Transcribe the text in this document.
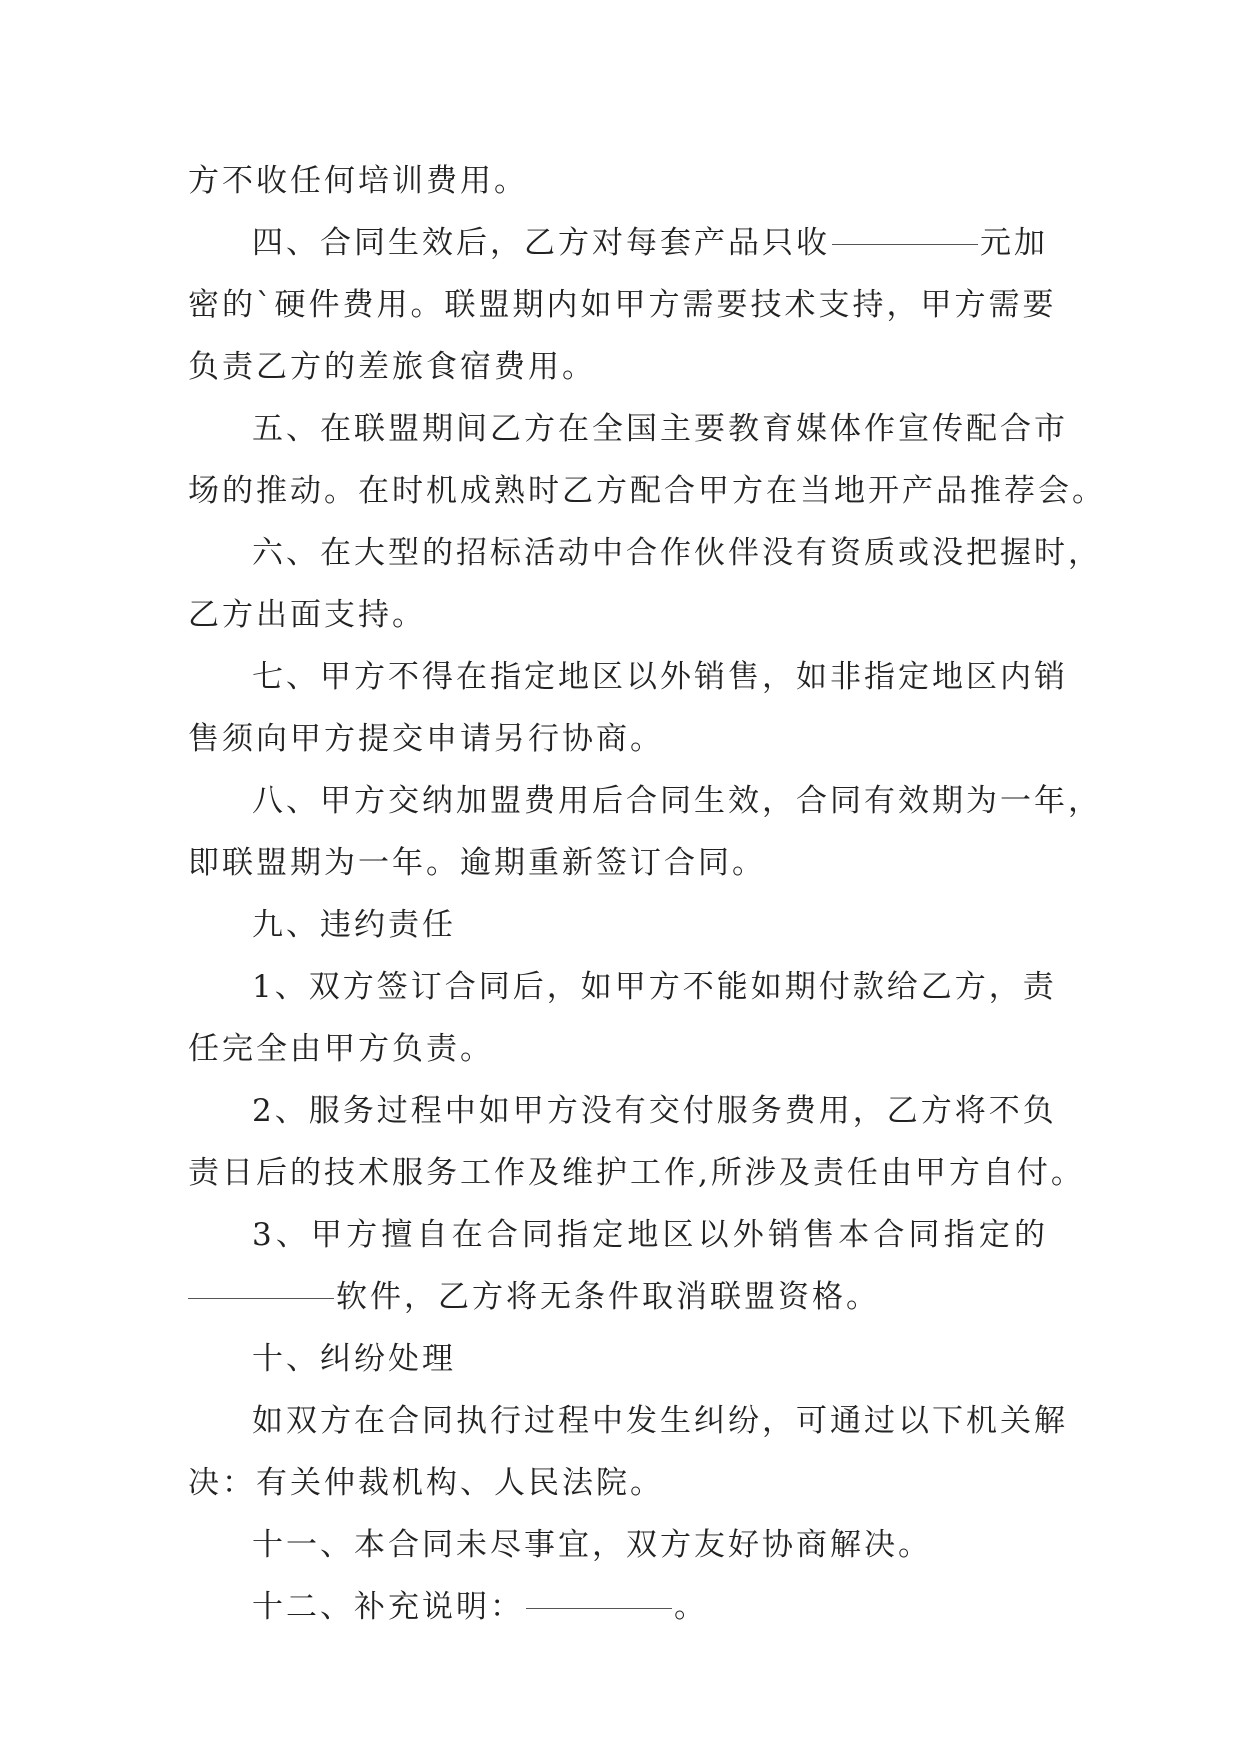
方不收任何培训费用。
四、合同生效后，乙方对每套产品只收	元加
密的`硬件费用。联盟期内如甲方需要技术支持，甲方需要
负责乙方的差旅食宿费用。
五、在联盟期间乙方在全国主要教育媒体作宣传配合市
场的推动。在时机成熟时乙方配合甲方在当地开产品推荐会。
六、在大型的招标活动中合作伙伴没有资质或没把握时，
乙方出面支持。
七、甲方不得在指定地区以外销售，如非指定地区内销
售须向甲方提交申请另行协商。
八、甲方交纳加盟费用后合同生效，合同有效期为一年，
即联盟期为一年。逾期重新签订合同。
九、违约责任
1、双方签订合同后，如甲方不能如期付款给乙方，责
任完全由甲方负责。
2、服务过程中如甲方没有交付服务费用，乙方将不负
责日后的技术服务工作及维护工作,所涉及责任由甲方自付。
3、甲方擅自在合同指定地区以外销售本合同指定的
软件，乙方将无条件取消联盟资格。
十、纠纷处理
如双方在合同执行过程中发生纠纷，可通过以下机关解
决：有关仲裁机构、人民法院。
十一、本合同未尽事宜，双方友好协商解决。
十二、补充说明：	。
